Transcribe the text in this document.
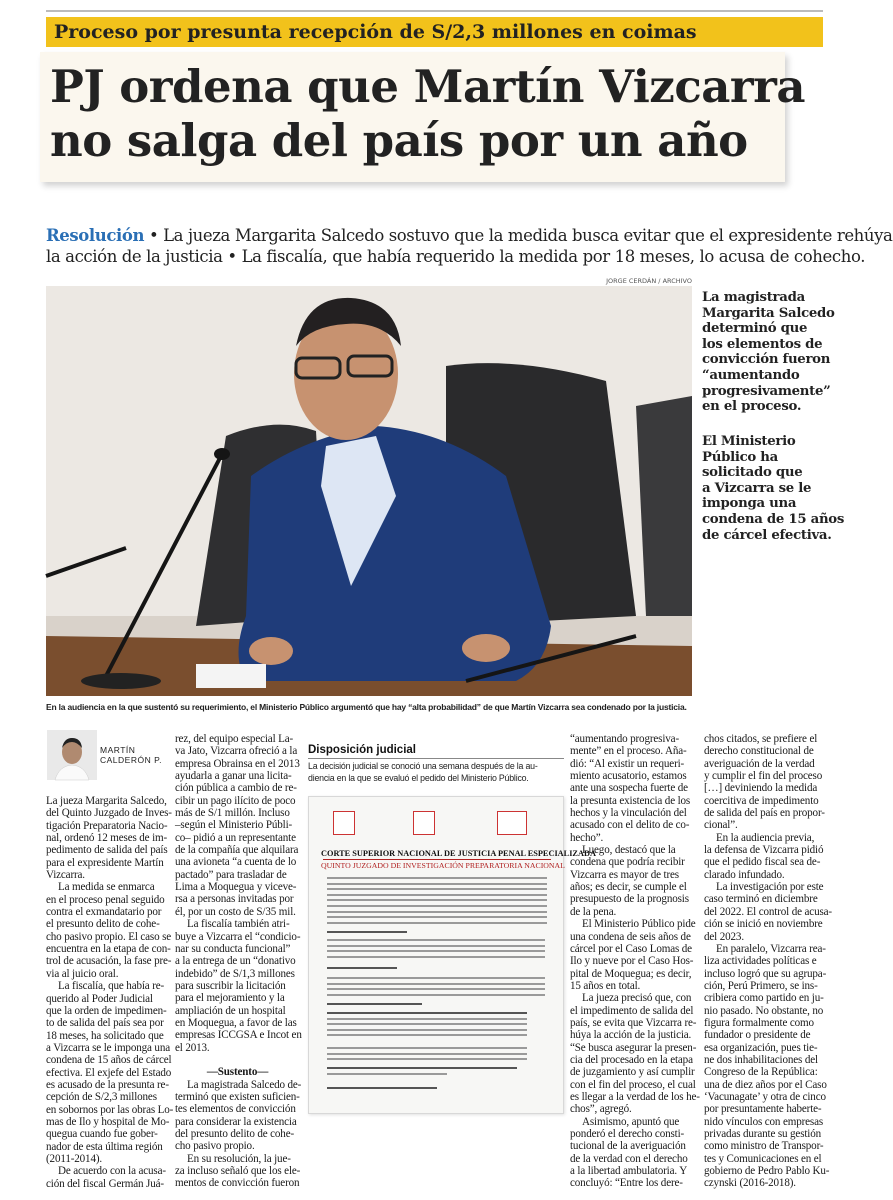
Proceso por presunta recepción de S/2,3 millones en coimas
PJ ordena que Martín Vizcarra
no salga del país por un año
Resolución • La jueza Margarita Salcedo sostuvo que la medida busca evitar que el expresidente rehúya
la acción de la justicia • La fiscalía, que había requerido la medida por 18 meses, lo acusa de cohecho.
JORGE CERDÁN / ARCHIVO
La magistrada
Margarita Salcedo
determinó que
los elementos de
convicción fueron
“aumentando
progresivamente”
en el proceso.
El Ministerio
Público ha
solicitado que
a Vizcarra se le
imponga una
condena de 15 años
de cárcel efectiva.
En la audiencia en la que sustentó su requerimiento, el Ministerio Público argumentó que hay “alta probabilidad” de que Martín Vizcarra sea condenado por la justicia.
MARTÍN
CALDERÓN P.
La jueza Margarita Salcedo,
del Quinto Juzgado de Inves-
tigación Preparatoria Nacio-
nal, ordenó 12 meses de im-
pedimento de salida del país
para el expresidente Martín
Vizcarra.
La medida se enmarca
en el proceso penal seguido
contra el exmandatario por
el presunto delito de cohe-
cho pasivo propio. El caso se
encuentra en la etapa de con-
trol de acusación, la fase pre-
via al juicio oral.
La fiscalía, que había re-
querido al Poder Judicial
que la orden de impedimen-
to de salida del país sea por
18 meses, ha solicitado que
a Vizcarra se le imponga una
condena de 15 años de cárcel
efectiva. El exjefe del Estado
es acusado de la presunta re-
cepción de S/2,3 millones
en sobornos por las obras Lo-
mas de Ilo y hospital de Mo-
quegua cuando fue gober-
nador de esta última región
(2011-2014).
De acuerdo con la acusa-
ción del fiscal Germán Juá-
rez, del equipo especial La-
va Jato, Vizcarra ofreció a la
empresa Obrainsa en el 2013
ayudarla a ganar una licita-
ción pública a cambio de re-
cibir un pago ilícito de poco
más de S/1 millón. Incluso
–según el Ministerio Públi-
co– pidió a un representante
de la compañía que alquilara
una avioneta “a cuenta de lo
pactado” para trasladar de
Lima a Moquegua y viceve-
rsa a personas invitadas por
él, por un costo de S/35 mil.
La fiscalía también atri-
buye a Vizcarra el “condicio-
nar su conducta funcional”
a la entrega de un “donativo
indebido” de S/1,3 millones
para suscribir la licitación
para el mejoramiento y la
ampliación de un hospital
en Moquegua, a favor de las
empresas ICCGSA e Incot en
el 2013.

—Sustento—
La magistrada Salcedo de-
terminó que existen suficien-
tes elementos de convicción
para considerar la existencia
del presunto delito de cohe-
cho pasivo propio.
En su resolución, la jue-
za incluso señaló que los ele-
mentos de convicción fueron
Disposición judicial
La decisión judicial se conoció una semana después de la au-
diencia en la que se evaluó el pedido del Ministerio Público.
CORTE SUPERIOR NACIONAL DE JUSTICIA PENAL ESPECIALIZADA
QUINTO JUZGADO DE INVESTIGACIÓN PREPARATORIA NACIONAL
“aumentando progresiva-
mente” en el proceso. Aña-
dió: “Al existir un requeri-
miento acusatorio, estamos
ante una sospecha fuerte de
la presunta existencia de los
hechos y la vinculación del
acusado con el delito de co-
hecho”.
Luego, destacó que la
condena que podría recibir
Vizcarra es mayor de tres
años; es decir, se cumple el
presupuesto de la prognosis
de la pena.
El Ministerio Público pide
una condena de seis años de
cárcel por el Caso Lomas de
Ilo y nueve por el Caso Hos-
pital de Moquegua; es decir,
15 años en total.
La jueza precisó que, con
el impedimento de salida del
país, se evita que Vizcarra re-
húya la acción de la justicia.
“Se busca asegurar la presen-
cia del procesado en la etapa
de juzgamiento y así cumplir
con el fin del proceso, el cual
es llegar a la verdad de los he-
chos”, agregó.
Asimismo, apuntó que
ponderó el derecho consti-
tucional de la averiguación
de la verdad con el derecho
a la libertad ambulatoria. Y
concluyó: “Entre los dere-
chos citados, se prefiere el
derecho constitucional de
averiguación de la verdad
y cumplir el fin del proceso
[…] deviniendo la medida
coercitiva de impedimento
de salida del país en propor-
cional”.
En la audiencia previa,
la defensa de Vizcarra pidió
que el pedido fiscal sea de-
clarado infundado.
La investigación por este
caso terminó en diciembre
del 2022. El control de acusa-
ción se inició en noviembre
del 2023.
En paralelo, Vizcarra rea-
liza actividades políticas e
incluso logró que su agrupa-
ción, Perú Primero, se ins-
cribiera como partido en ju-
nio pasado. No obstante, no
figura formalmente como
fundador o presidente de
esa organización, pues tie-
ne dos inhabilitaciones del
Congreso de la República:
una de diez años por el Caso
‘Vacunagate’ y otra de cinco
por presuntamente haberte-
nido vínculos con empresas
privadas durante su gestión
como ministro de Transpor-
tes y Comunicaciones en el
gobierno de Pedro Pablo Ku-
czynski (2016-2018).
